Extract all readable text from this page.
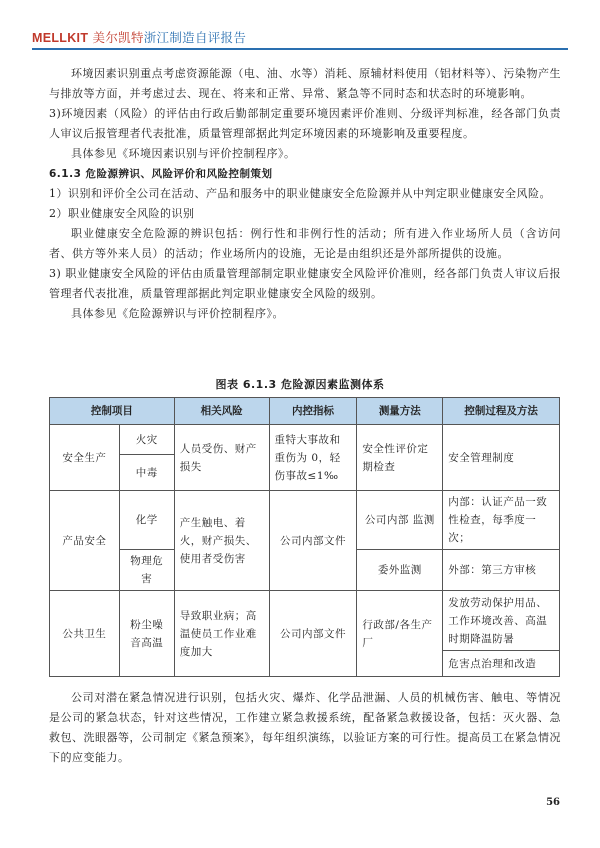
MELLKIT 美尔凯特浙江制造自评报告

环境因素识别重点考虑资源能源（电、油、水等）消耗、原辅材料使用（铝材料等）、污染物产生与排放等方面，并考虑过去、现在、将来和正常、异常、紧急等不同时态和状态时的环境影响。

3)环境因素（风险）的评估由行政后勤部制定重要环境因素评价准则、分级评判标准，经各部门负责人审议后报管理者代表批准，质量管理部据此判定环境因素的环境影响及重要程度。

具体参见《环境因素识别与评价控制程序》。

6.1.3 危险源辨识、风险评价和风险控制策划

1）识别和评价全公司在活动、产品和服务中的职业健康安全危险源并从中判定职业健康安全风险。

2）职业健康安全风险的识别

职业健康安全危险源的辨识包括：例行性和非例行性的活动；所有进入作业场所人员（含访问者、供方等外来人员）的活动；作业场所内的设施，无论是由组织还是外部所提供的设施。

3) 职业健康安全风险的评估由质量管理部制定职业健康安全风险评价准则，经各部门负责人审议后报管理者代表批准，质量管理部据此判定职业健康安全风险的级别。

具体参见《危险源辨识与评价控制程序》。

图表 6.1.3 危险源因素监测体系
控制项目		相关风险	内控指标	测量方法	控制过程及方法
安全生产	火灾	人员受伤、财产损失	重特大事故和重伤为 0，轻伤事故≤1‰	安全性评价定期检查	安全管理制度
	中毒				
产品安全	化学	产生触电、着火，财产损失、使用者受伤害	公司内部文件	公司内部 监测	内部：认证产品一致性检查，每季度一次；
	物理危害			委外监测	外部：第三方审核
公共卫生	粉尘噪音高温	导致职业病；高温使员工作业难度加大	公司内部文件	行政部/各生产厂	发放劳动保护用品、工作环境改善、高温时期降温防暑
					危害点治理和改造

公司对潜在紧急情况进行识别，包括火灾、爆炸、化学品泄漏、人员的机械伤害、触电、等情况是公司的紧急状态，针对这些情况，工作建立紧急救援系统，配备紧急救援设备，包括：灭火器、急救包、洗眼器等，公司制定《紧急预案》，每年组织演练，以验证方案的可行性。提高员工在紧急情况下的应变能力。

56
